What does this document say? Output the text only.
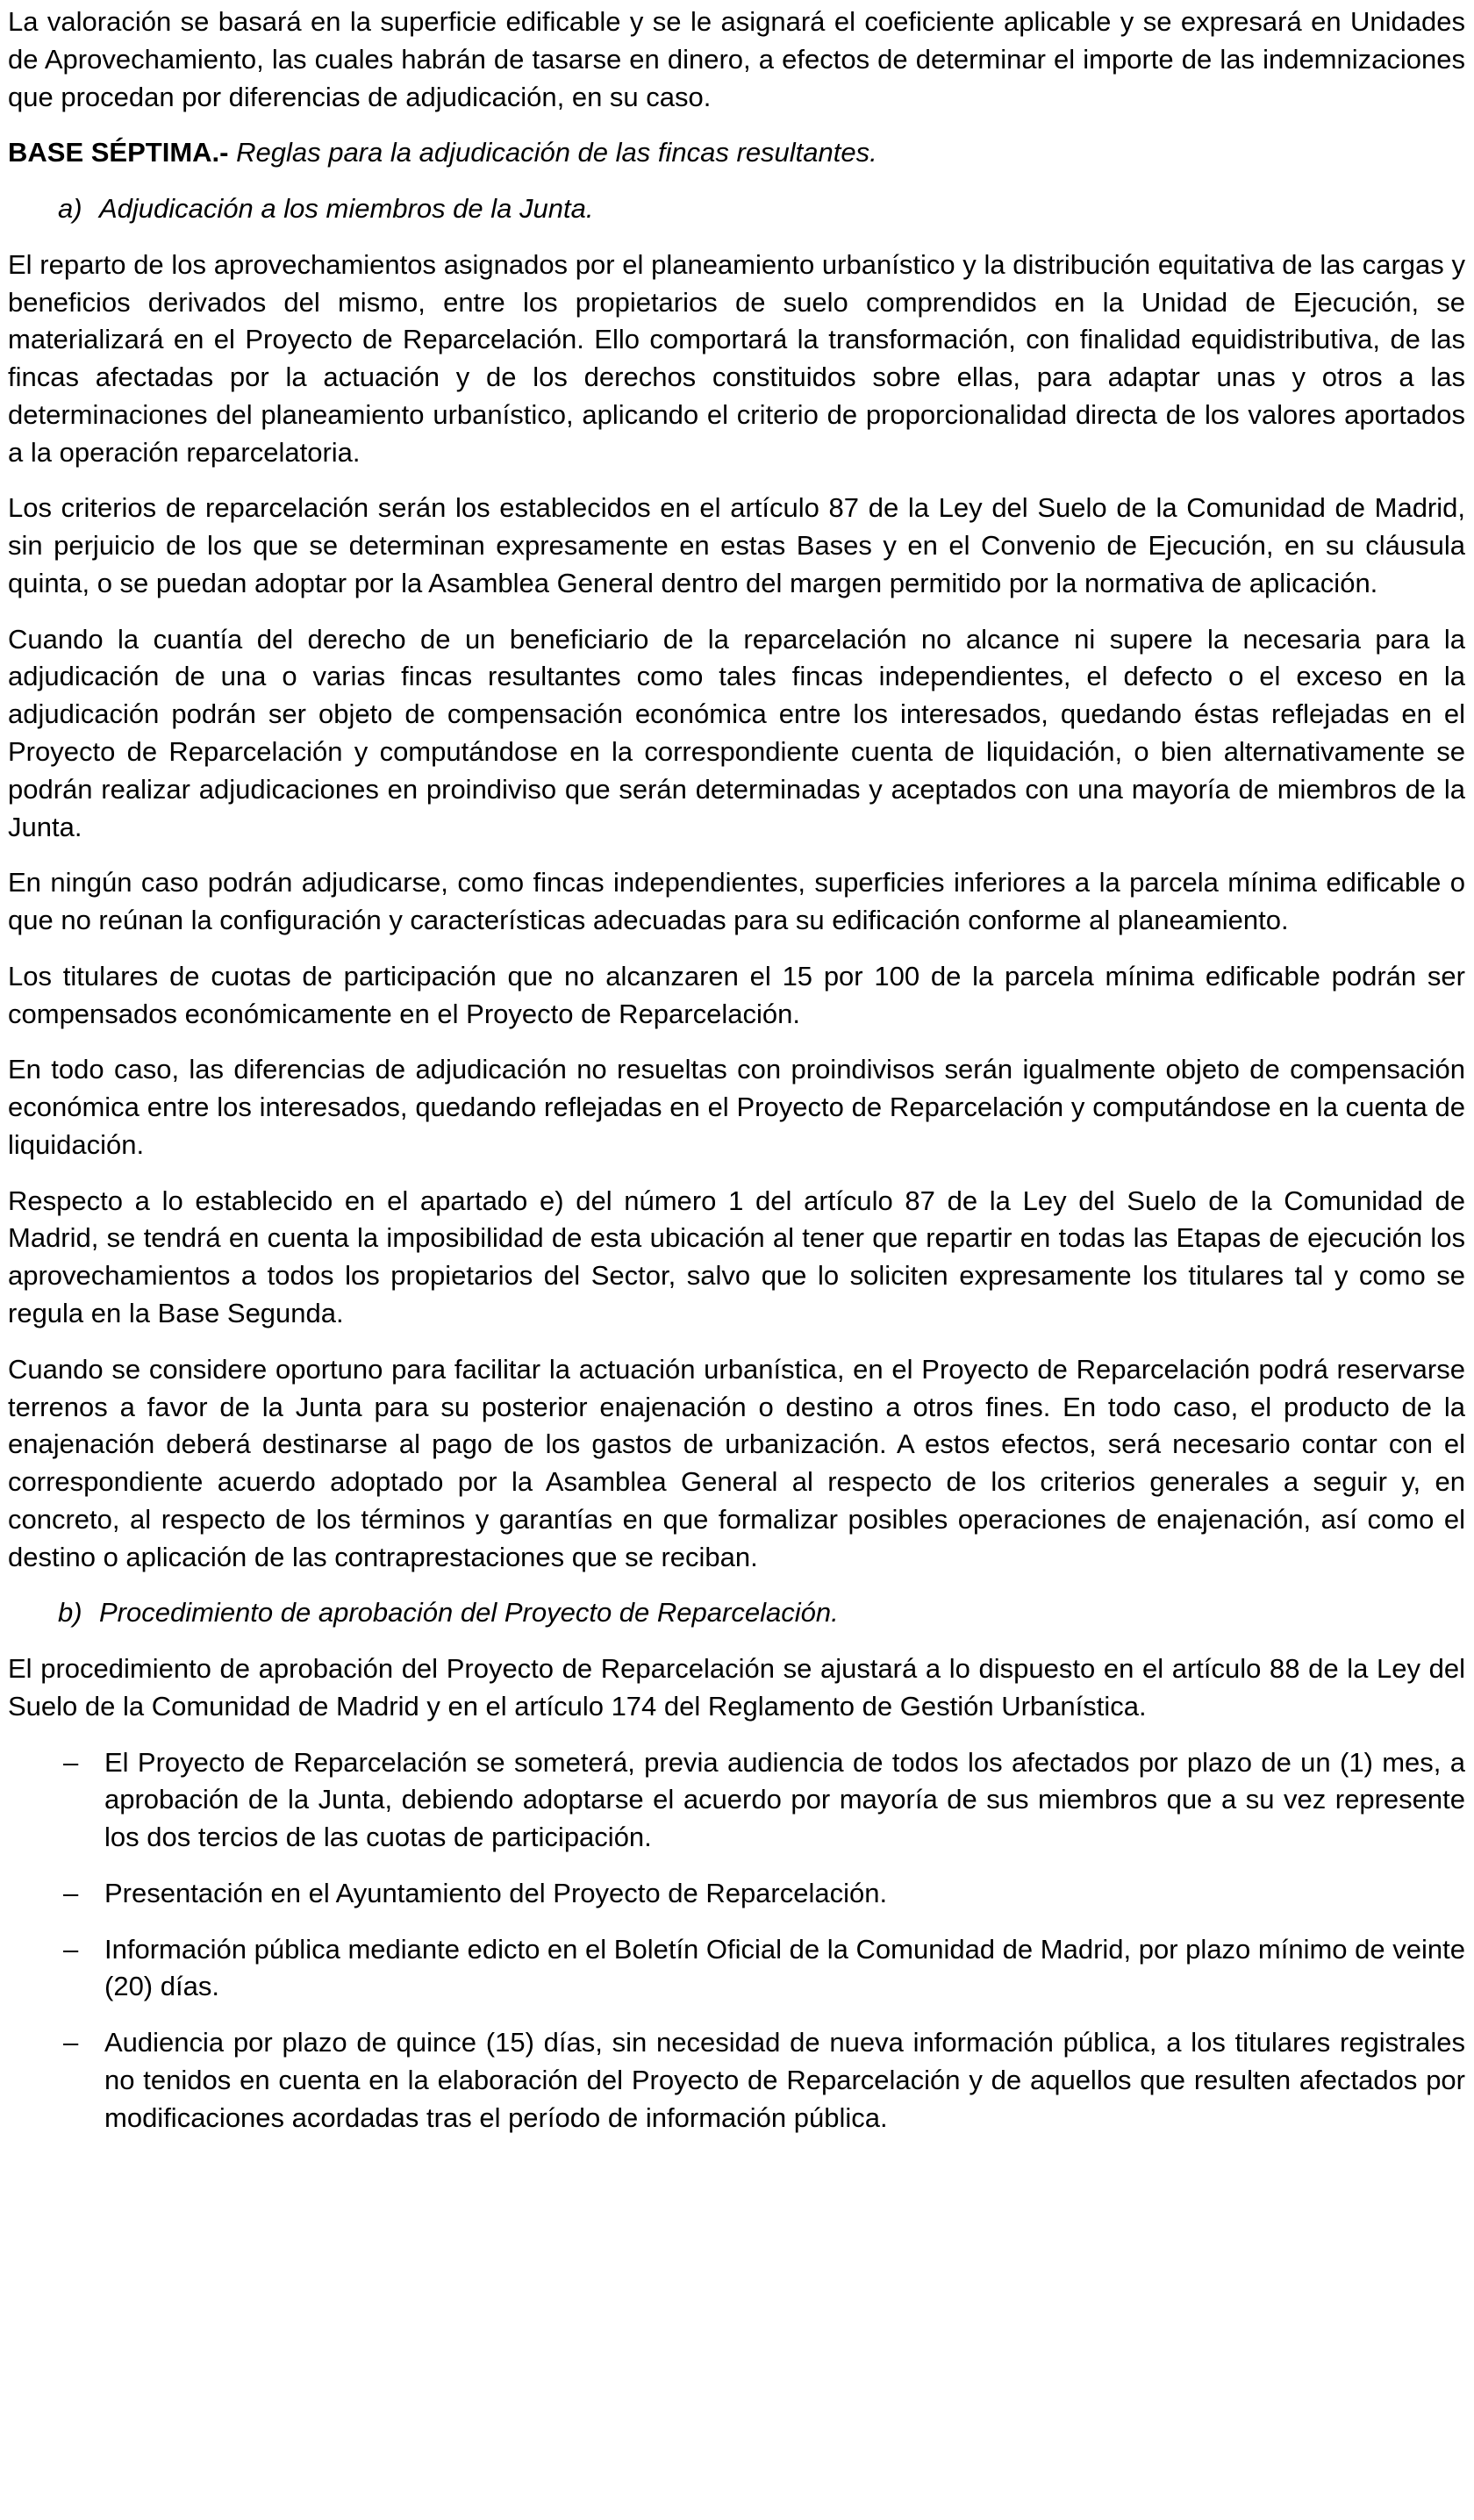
La valoración se basará en la superficie edificable y se le asignará el coeficiente aplicable y se expresará en Unidades de Aprovechamiento, las cuales habrán de tasarse en dinero, a efectos de determinar el importe de las indemnizaciones que procedan por diferencias de adjudicación, en su caso.

BASE SÉPTIMA.- Reglas para la adjudicación de las fincas resultantes.

a) Adjudicación a los miembros de la Junta.

El reparto de los aprovechamientos asignados por el planeamiento urbanístico y la distribución equitativa de las cargas y beneficios derivados del mismo, entre los propietarios de suelo comprendidos en la Unidad de Ejecución, se materializará en el Proyecto de Reparcelación. Ello comportará la transformación, con finalidad equidistributiva, de las fincas afectadas por la actuación y de los derechos constituidos sobre ellas, para adaptar unas y otros a las determinaciones del planeamiento urbanístico, aplicando el criterio de proporcionalidad directa de los valores aportados a la operación reparcelatoria.

Los criterios de reparcelación serán los establecidos en el artículo 87 de la Ley del Suelo de la Comunidad de Madrid, sin perjuicio de los que se determinan expresamente en estas Bases y en el Convenio de Ejecución, en su cláusula quinta, o se puedan adoptar por la Asamblea General dentro del margen permitido por la normativa de aplicación.

Cuando la cuantía del derecho de un beneficiario de la reparcelación no alcance ni supere la necesaria para la adjudicación de una o varias fincas resultantes como tales fincas independientes, el defecto o el exceso en la adjudicación podrán ser objeto de compensación económica entre los interesados, quedando éstas reflejadas en el Proyecto de Reparcelación y computándose en la correspondiente cuenta de liquidación, o bien alternativamente se podrán realizar adjudicaciones en proindiviso que serán determinadas y aceptados con una mayoría de miembros de la Junta.

En ningún caso podrán adjudicarse, como fincas independientes, superficies inferiores a la parcela mínima edificable o que no reúnan la configuración y características adecuadas para su edificación conforme al planeamiento.

Los titulares de cuotas de participación que no alcanzaren el 15 por 100 de la parcela mínima edificable podrán ser compensados económicamente en el Proyecto de Reparcelación.

En todo caso, las diferencias de adjudicación no resueltas con proindivisos serán igualmente objeto de compensación económica entre los interesados, quedando reflejadas en el Proyecto de Reparcelación y computándose en la cuenta de liquidación.

Respecto a lo establecido en el apartado e) del número 1 del artículo 87 de la Ley del Suelo de la Comunidad de Madrid, se tendrá en cuenta la imposibilidad de esta ubicación al tener que repartir en todas las Etapas de ejecución los aprovechamientos a todos los propietarios del Sector, salvo que lo soliciten expresamente los titulares tal y como se regula en la Base Segunda.

Cuando se considere oportuno para facilitar la actuación urbanística, en el Proyecto de Reparcelación podrá reservarse terrenos a favor de la Junta para su posterior enajenación o destino a otros fines. En todo caso, el producto de la enajenación deberá destinarse al pago de los gastos de urbanización. A estos efectos, será necesario contar con el correspondiente acuerdo adoptado por la Asamblea General al respecto de los criterios generales a seguir y, en concreto, al respecto de los términos y garantías en que formalizar posibles operaciones de enajenación, así como el destino o aplicación de las contraprestaciones que se reciban.

b) Procedimiento de aprobación del Proyecto de Reparcelación.

El procedimiento de aprobación del Proyecto de Reparcelación se ajustará a lo dispuesto en el artículo 88 de la Ley del Suelo de la Comunidad de Madrid y en el artículo 174 del Reglamento de Gestión Urbanística.

– El Proyecto de Reparcelación se someterá, previa audiencia de todos los afectados por plazo de un (1) mes, a aprobación de la Junta, debiendo adoptarse el acuerdo por mayoría de sus miembros que a su vez represente los dos tercios de las cuotas de participación.
– Presentación en el Ayuntamiento del Proyecto de Reparcelación.
– Información pública mediante edicto en el Boletín Oficial de la Comunidad de Madrid, por plazo mínimo de veinte (20) días.
– Audiencia por plazo de quince (15) días, sin necesidad de nueva información pública, a los titulares registrales no tenidos en cuenta en la elaboración del Proyecto de Reparcelación y de aquellos que resulten afectados por modificaciones acordadas tras el período de información pública.
